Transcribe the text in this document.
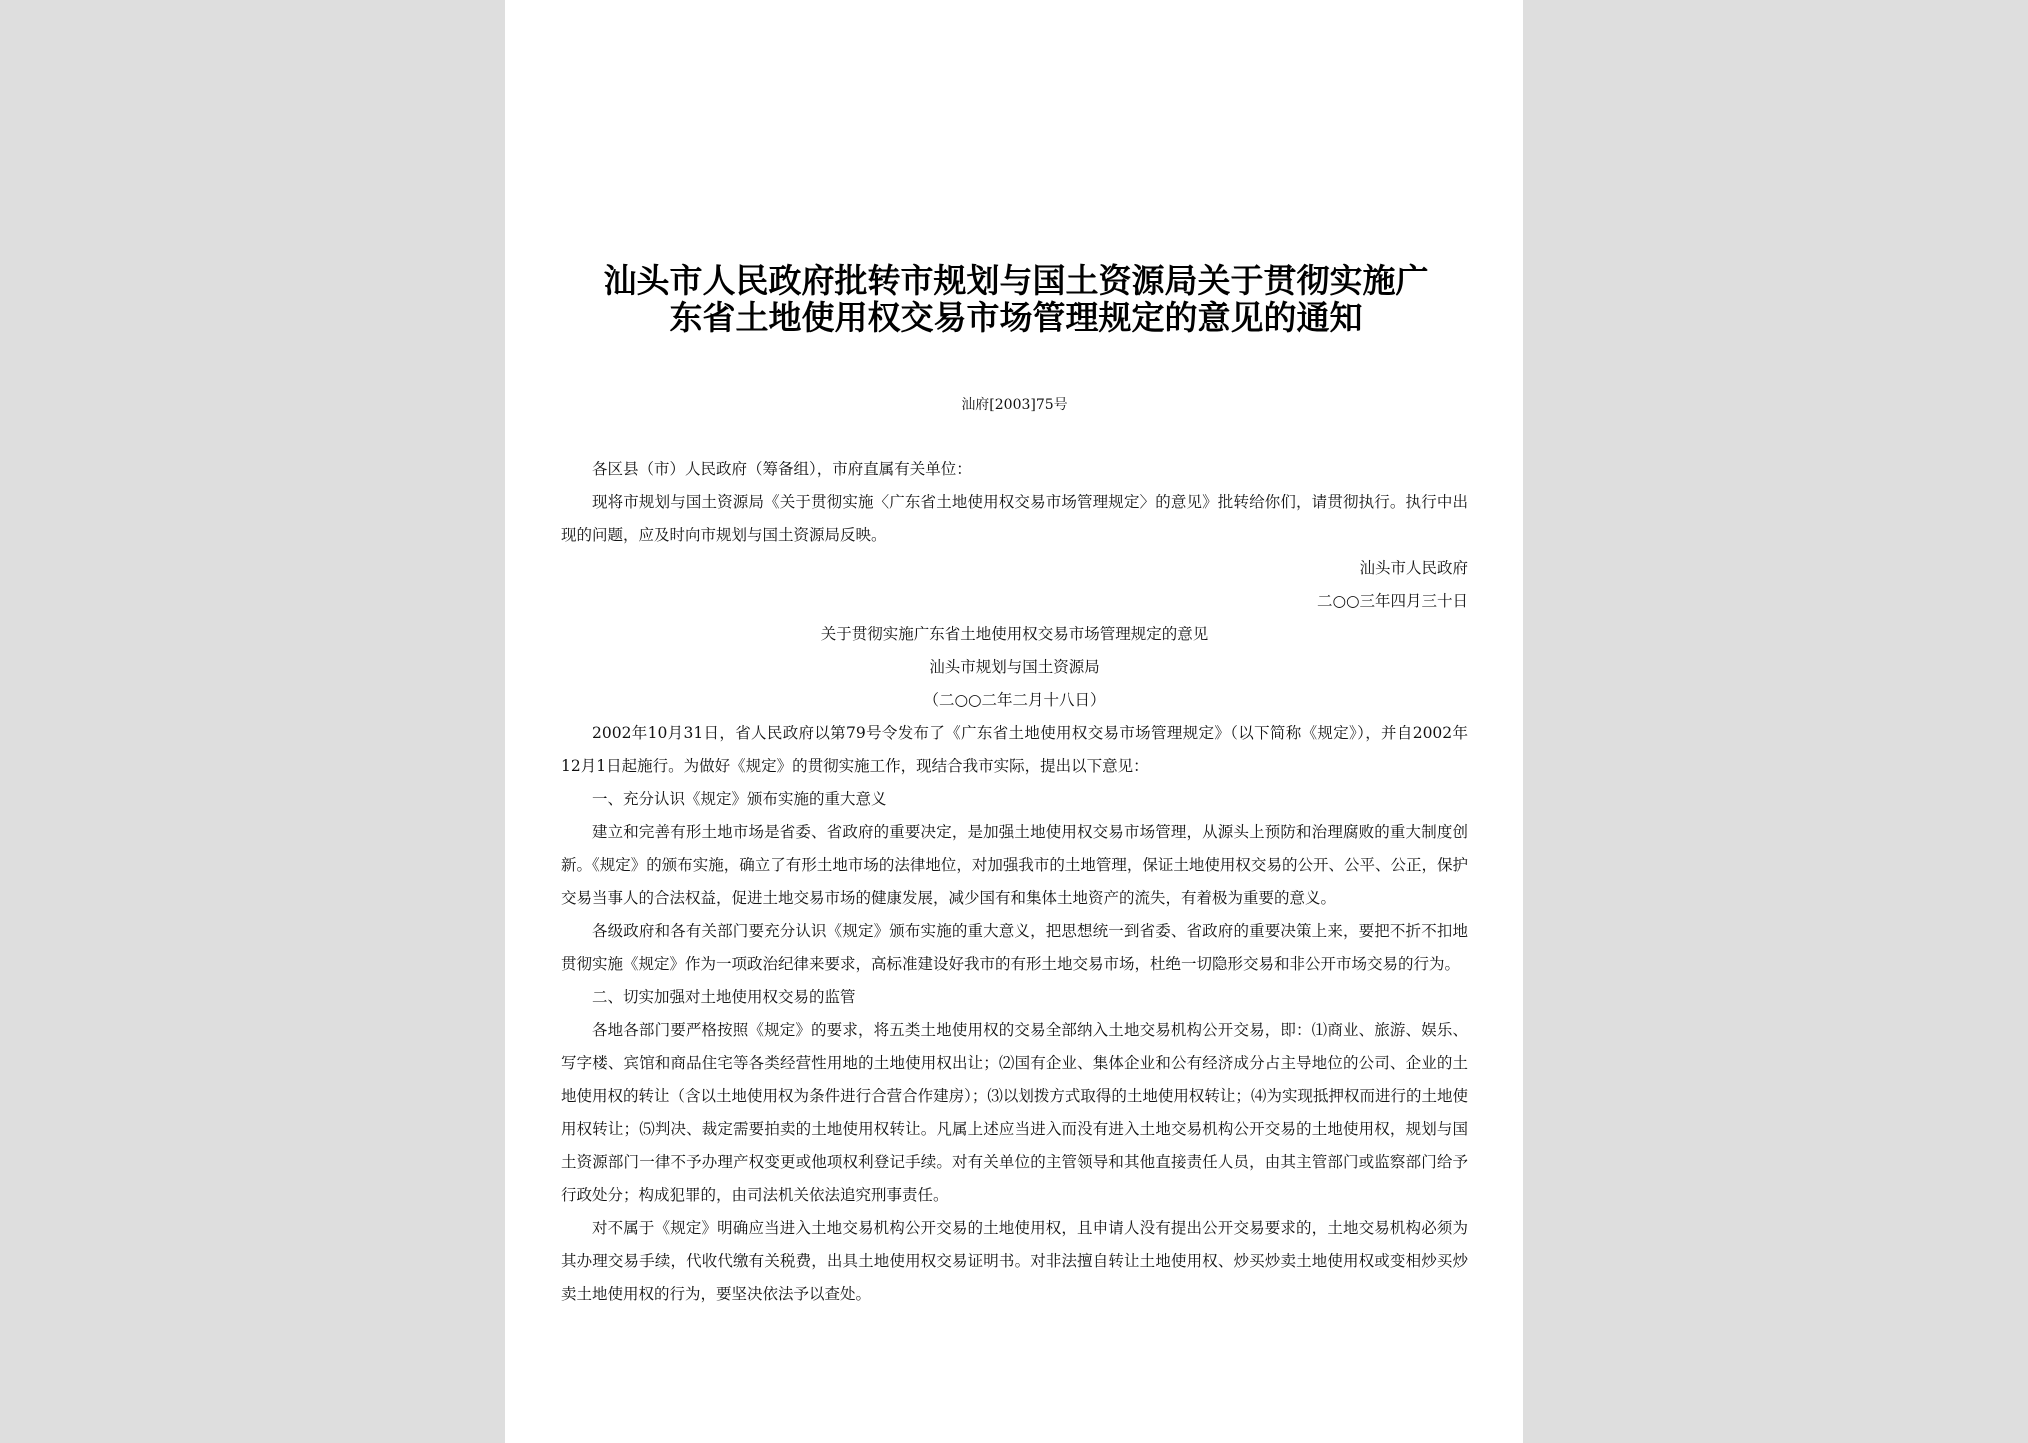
汕头市人民政府批转市规划与国土资源局关于贯彻实施广东省土地使用权交易市场管理规定的意见的通知
汕府[2003]75号

各区县（市）人民政府（筹备组），市府直属有关单位：

现将市规划与国土资源局《关于贯彻实施〈广东省土地使用权交易市场管理规定〉的意见》批转给你们，请贯彻执行。执行中出现的问题，应及时向市规划与国土资源局反映。

汕头市人民政府

二○○三年四月三十日

关于贯彻实施广东省土地使用权交易市场管理规定的意见

汕头市规划与国土资源局

（二○○二年二月十八日）

2002年10月31日，省人民政府以第79号令发布了《广东省土地使用权交易市场管理规定》（以下简称《规定》），并自2002年12月1日起施行。为做好《规定》的贯彻实施工作，现结合我市实际，提出以下意见：

一、充分认识《规定》颁布实施的重大意义

建立和完善有形土地市场是省委、省政府的重要决定，是加强土地使用权交易市场管理，从源头上预防和治理腐败的重大制度创新。《规定》的颁布实施，确立了有形土地市场的法律地位，对加强我市的土地管理，保证土地使用权交易的公开、公平、公正，保护交易当事人的合法权益，促进土地交易市场的健康发展，减少国有和集体土地资产的流失，有着极为重要的意义。

各级政府和各有关部门要充分认识《规定》颁布实施的重大意义，把思想统一到省委、省政府的重要决策上来，要把不折不扣地贯彻实施《规定》作为一项政治纪律来要求，高标准建设好我市的有形土地交易市场，杜绝一切隐形交易和非公开市场交易的行为。

二、切实加强对土地使用权交易的监管

各地各部门要严格按照《规定》的要求，将五类土地使用权的交易全部纳入土地交易机构公开交易，即：⑴商业、旅游、娱乐、写字楼、宾馆和商品住宅等各类经营性用地的土地使用权出让；⑵国有企业、集体企业和公有经济成分占主导地位的公司、企业的土地使用权的转让（含以土地使用权为条件进行合营合作建房）；⑶以划拨方式取得的土地使用权转让；⑷为实现抵押权而进行的土地使用权转让；⑸判决、裁定需要拍卖的土地使用权转让。凡属上述应当进入而没有进入土地交易机构公开交易的土地使用权，规划与国土资源部门一律不予办理产权变更或他项权利登记手续。对有关单位的主管领导和其他直接责任人员，由其主管部门或监察部门给予行政处分；构成犯罪的，由司法机关依法追究刑事责任。

对不属于《规定》明确应当进入土地交易机构公开交易的土地使用权，且申请人没有提出公开交易要求的，土地交易机构必须为其办理交易手续，代收代缴有关税费，出具土地使用权交易证明书。对非法擅自转让土地使用权、炒买炒卖土地使用权或变相炒买炒卖土地使用权的行为，要坚决依法予以查处。
